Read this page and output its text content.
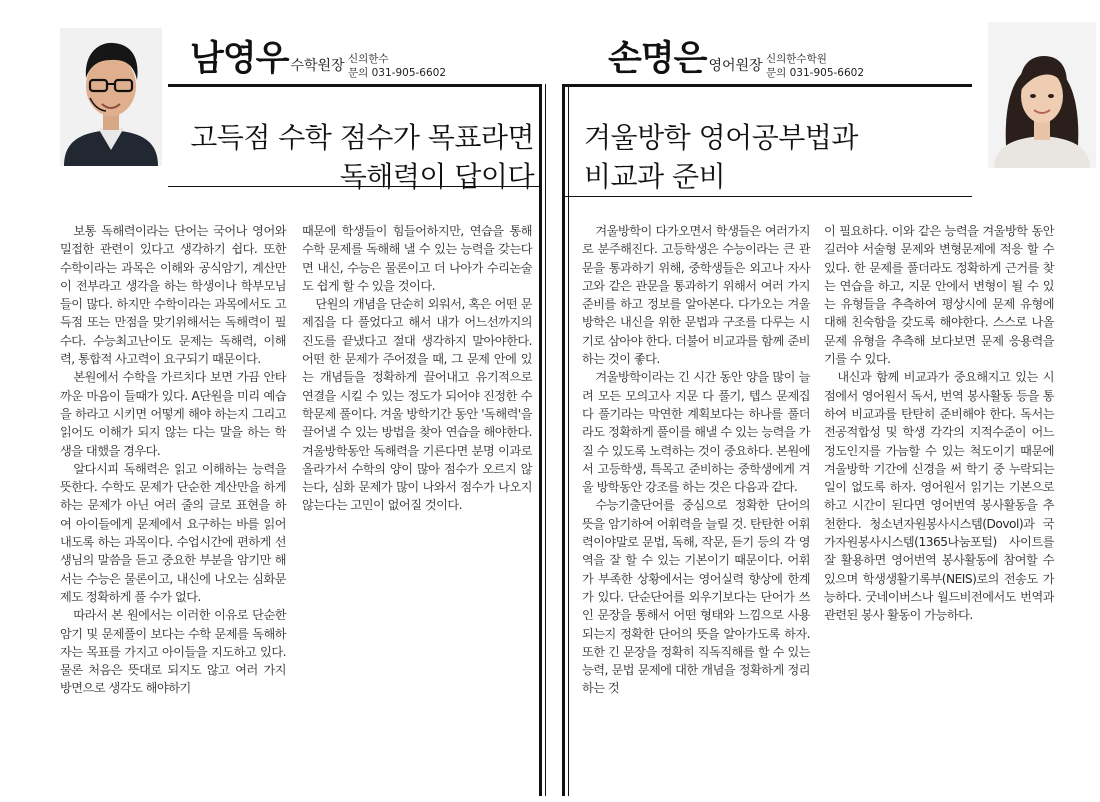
남영우 수학원장 신의한수
문의 031-905-6602
고득점 수학 점수가 목표라면
독해력이 답이다

보통 독해력이라는 단어는 국어나 영어와 밀접한 관련이 있다고 생각하기 쉽다. 또한 수학이라는 과목은 이해와 공식암기, 계산만이 전부라고 생각을 하는 학생이나 학부모님들이 많다. 하지만 수학이라는 과목에서도 고득점 또는 만점을 맞기위해서는 독해력이 필수다. 수능최고난이도 문제는 독해력, 이해력, 통합적 사고력이 요구되기 때문이다.

본원에서 수학을 가르치다 보면 가끔 안타까운 마음이 들때가 있다. A단원을 미리 예습을 하라고 시키면 어떻게 해야 하는지 그리고 읽어도 이해가 되지 않는 다는 말을 하는 학생을 대했을 경우다.

알다시피 독해력은 읽고 이해하는 능력을 뜻한다. 수학도 문제가 단순한 계산만을 하게 하는 문제가 아닌 여러 줄의 글로 표현을 하여 아이들에게 문제에서 요구하는 바를 읽어내도록 하는 과목이다. 수업시간에 편하게 선생님의 말씀을 듣고 중요한 부분을 암기만 해서는 수능은 물론이고, 내신에 나오는 심화문제도 정확하게 풀 수가 없다.

따라서 본 원에서는 이러한 이유로 단순한 암기 및 문제풀이 보다는 수학 문제를 독해하자는 목표를 가지고 아이들을 지도하고 있다. 물론 처음은 뜻대로 되지도 않고 여러 가지 방면으로 생각도 해야하기

때문에 학생들이 힘들어하지만, 연습을 통해 수학 문제를 독해해 낼 수 있는 능력을 갖는다면 내신, 수능은 물론이고 더 나아가 수리논술도 쉽게 할 수 있을 것이다.

단원의 개념을 단순히 외워서, 혹은 어떤 문제집을 다 풀었다고 해서 내가 어느선까지의 진도를 끝냈다고 절대 생각하지 말아야한다. 어떤 한 문제가 주어졌을 때, 그 문제 안에 있는 개념들을 정확하게 끌어내고 유기적으로 연결을 시킬 수 있는 정도가 되어야 진정한 수학문제 풀이다. 겨울 방학기간 동안 '독해력'을 끌어낼 수 있는 방법을 찾아 연습을 해야한다. 겨울방학동안 독해력을 기른다면 분명 이과로 올라가서 수학의 양이 많아 점수가 오르지 않는다, 심화 문제가 많이 나와서 점수가 나오지 않는다는 고민이 없어질 것이다.

손명은 영어원장 신의한수학원
문의 031-905-6602
겨울방학 영어공부법과
비교과 준비

겨울방학이 다가오면서 학생들은 여러가지로 분주해진다. 고등학생은 수능이라는 큰 관문을 통과하기 위해, 중학생들은 외고나 자사고와 같은 관문을 통과하기 위해서 여러 가지 준비를 하고 정보를 알아본다. 다가오는 겨울방학은 내신을 위한 문법과 구조를 다루는 시기로 삼아야 한다. 더불어 비교과를 함께 준비하는 것이 좋다.

겨울방학이라는 긴 시간 동안 양을 많이 늘려 모든 모의고사 지문 다 풀기, 텝스 문제집 다 풀기라는 막연한 계획보다는 하나를 풀더라도 정확하게 풀이를 해낼 수 있는 능력을 가질 수 있도록 노력하는 것이 중요하다. 본원에서 고등학생, 특목고 준비하는 중학생에게 겨울 방학동안 강조를 하는 것은 다음과 같다.

수능기출단어를 중심으로 정확한 단어의 뜻을 암기하여 어휘력을 늘릴 것. 탄탄한 어휘력이야말로 문법, 독해, 작문, 듣기 등의 각 영역을 잘 할 수 있는 기본이기 때문이다. 어휘가 부족한 상황에서는 영어실력 향상에 한계가 있다. 단순단어를 외우기보다는 단어가 쓰인 문장을 통해서 어떤 형태와 느낌으로 사용되는지 정확한 단어의 뜻을 알아가도록 하자. 또한 긴 문장을 정확히 직독직해를 할 수 있는 능력, 문법 문제에 대한 개념을 정확하게 정리하는 것

이 필요하다. 이와 같은 능력을 겨울방학 동안 길러야 서술형 문제와 변형문제에 적응 할 수 있다. 한 문제를 풀더라도 정확하게 근거를 찾는 연습을 하고, 지문 안에서 변형이 될 수 있는 유형들을 추측하여 평상시에 문제 유형에 대해 친숙함을 갖도록 해야한다. 스스로 나올 문제 유형을 추측해 보다보면 문제 응용력을 기를 수 있다.

내신과 함께 비교과가 중요해지고 있는 시점에서 영어원서 독서, 번역 봉사활동 등을 통하여 비교과를 탄탄히 준비해야 한다. 독서는 전공적합성 및 학생 각각의 지적수준이 어느정도인지를 가늠할 수 있는 척도이기 때문에 겨울방학 기간에 신경을 써 학기 중 누락되는 일이 없도록 하자. 영어원서 읽기는 기본으로 하고 시간이 된다면 영어번역 봉사활동을 추천한다. 청소년자원봉사시스템(Dovol)과 국가자원봉사시스템(1365나눔포털) 사이트를 잘 활용하면 영어번역 봉사활동에 참여할 수 있으며 학생생활기록부(NEIS)로의 전송도 가능하다. 굿네이버스나 월드비전에서도 번역과 관련된 봉사 활동이 가능하다.
